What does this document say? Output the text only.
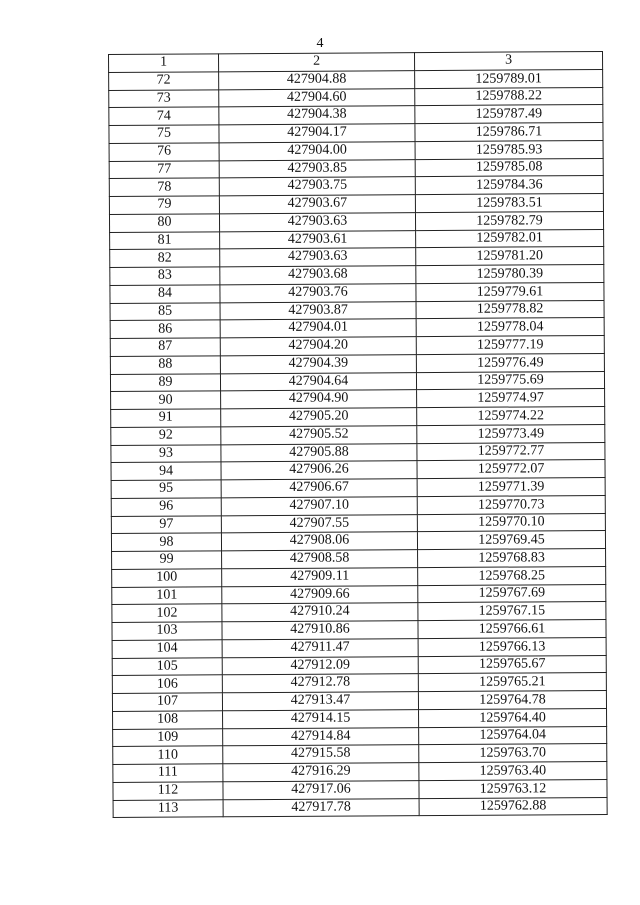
4
1	2	3
72	427904.88	1259789.01
73	427904.60	1259788.22
74	427904.38	1259787.49
75	427904.17	1259786.71
76	427904.00	1259785.93
77	427903.85	1259785.08
78	427903.75	1259784.36
79	427903.67	1259783.51
80	427903.63	1259782.79
81	427903.61	1259782.01
82	427903.63	1259781.20
83	427903.68	1259780.39
84	427903.76	1259779.61
85	427903.87	1259778.82
86	427904.01	1259778.04
87	427904.20	1259777.19
88	427904.39	1259776.49
89	427904.64	1259775.69
90	427904.90	1259774.97
91	427905.20	1259774.22
92	427905.52	1259773.49
93	427905.88	1259772.77
94	427906.26	1259772.07
95	427906.67	1259771.39
96	427907.10	1259770.73
97	427907.55	1259770.10
98	427908.06	1259769.45
99	427908.58	1259768.83
100	427909.11	1259768.25
101	427909.66	1259767.69
102	427910.24	1259767.15
103	427910.86	1259766.61
104	427911.47	1259766.13
105	427912.09	1259765.67
106	427912.78	1259765.21
107	427913.47	1259764.78
108	427914.15	1259764.40
109	427914.84	1259764.04
110	427915.58	1259763.70
111	427916.29	1259763.40
112	427917.06	1259763.12
113	427917.78	1259762.88
